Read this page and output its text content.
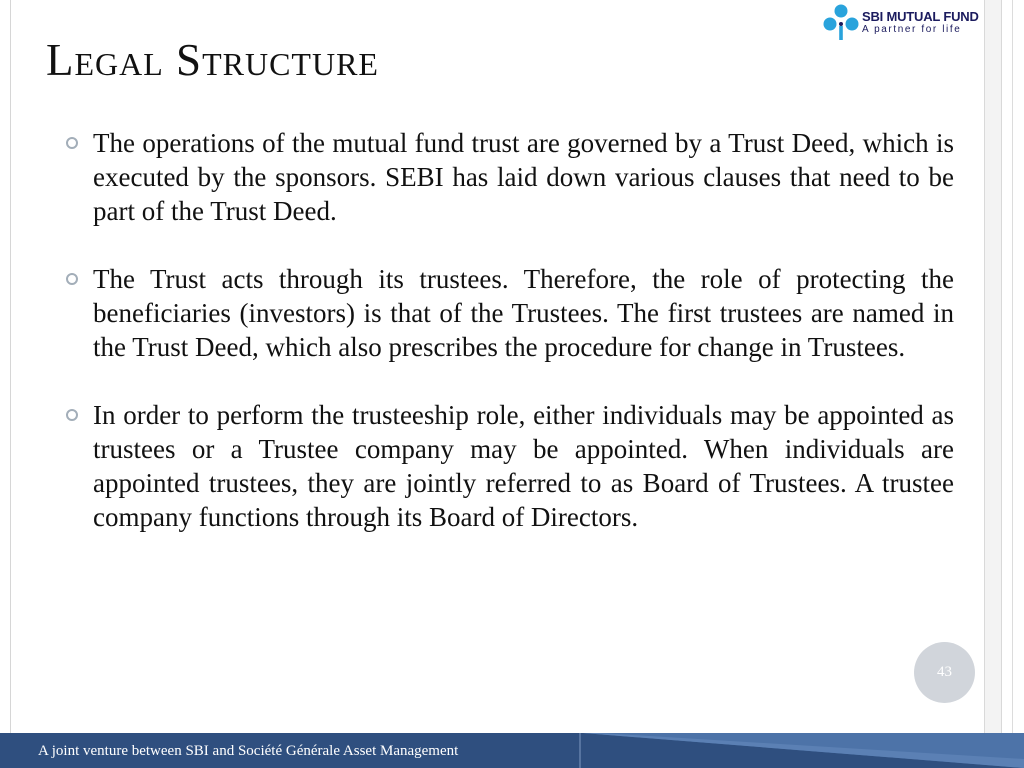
SBI MUTUAL FUND
A partner for life
Legal Structure
The operations of the mutual fund trust are governed by a Trust Deed, which is executed by the sponsors. SEBI has laid down various clauses that need to be part of the Trust Deed.
The Trust acts through its trustees. Therefore, the role of protecting the beneficiaries (investors) is that of the Trustees. The first trustees are named in the Trust Deed, which also prescribes the procedure for change in Trustees.
In order to perform the trusteeship role, either individuals may be appointed as trustees or a Trustee company may be appointed. When individuals are appointed trustees, they are jointly referred to as Board of Trustees. A trustee company functions through its Board of Directors.
43
A joint venture between SBI and Société Générale Asset Management
